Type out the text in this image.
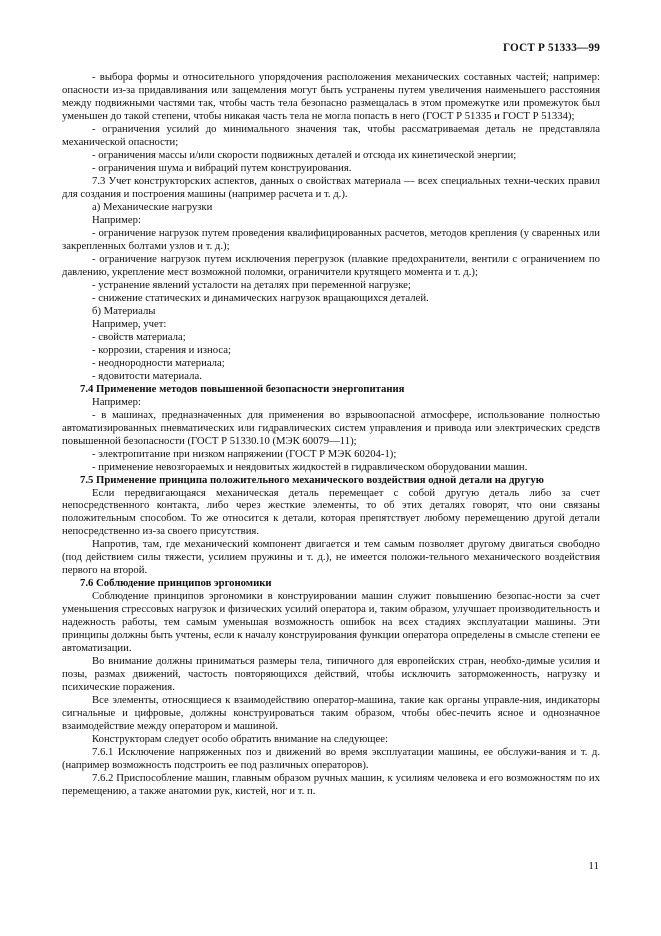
ГОСТ Р 51333—99

- выбора формы и относительного упорядочения расположения механических составных частей; например: опасности из-за придавливания или защемления могут быть устранены путем увеличения наименьшего расстояния между подвижными частями так, чтобы часть тела безопасно размещалась в этом промежутке или промежуток был уменьшен до такой степени, чтобы никакая часть тела не могла попасть в него (ГОСТ Р 51335 и ГОСТ Р 51334);

- ограничения усилий до минимального значения так, чтобы рассматриваемая деталь не представляла механической опасности;

- ограничения массы и/или скорости подвижных деталей и отсюда их кинетической энергии;

- ограничения шума и вибраций путем конструирования.

7.3 Учет конструкторских аспектов, данных о свойствах материала — всех специальных техни-ческих правил для создания и построения машины (например расчета и т. д.).

а) Механические нагрузки

Например:

- ограничение нагрузок путем проведения квалифицированных расчетов, методов крепления (у сваренных или закрепленных болтами узлов и т. д.);

- ограничение нагрузок путем исключения перегрузок (плавкие предохранители, вентили с ограничением по давлению, укрепление мест возможной поломки, ограничители крутящего момента и т. д.);

- устранение явлений усталости на деталях при переменной нагрузке;

- снижение статических и динамических нагрузок вращающихся деталей.

б) Материалы

Например, учет:

- свойств материала;

- коррозии, старения и износа;

- неоднородности материала;

- ядовитости материала.

7.4 Применение методов повышенной безопасности энергопитания

Например:

- в машинах, предназначенных для применения во взрывоопасной атмосфере, использование полностью автоматизированных пневматических или гидравлических систем управления и привода или электрических средств повышенной безопасности (ГОСТ Р 51330.10 (МЭК 60079—11);

- электропитание при низком напряжении (ГОСТ Р МЭК 60204-1);

- применение невозгораемых и неядовитых жидкостей в гидравлическом оборудовании машин.

7.5 Применение принципа положительного механического воздействия одной детали на другую

Если передвигающаяся механическая деталь перемещает с собой другую деталь либо за счет непосредственного контакта, либо через жесткие элементы, то об этих деталях говорят, что они связаны положительным способом. То же относится к детали, которая препятствует любому перемещению другой детали непосредственно из-за своего присутствия.

Напротив, там, где механический компонент двигается и тем самым позволяет другому двигаться свободно (под действием силы тяжести, усилием пружины и т. д.), не имеется положи-тельного механического воздействия первого на второй.

7.6 Соблюдение принципов эргономики

Соблюдение принципов эргономики в конструировании машин служит повышению безопас-ности за счет уменьшения стрессовых нагрузок и физических усилий оператора и, таким образом, улучшает производительность и надежность работы, тем самым уменьшая возможность ошибок на всех стадиях эксплуатации машины. Эти принципы должны быть учтены, если к началу конструирования функции оператора определены в смысле степени ее автоматизации.

Во внимание должны приниматься размеры тела, типичного для европейских стран, необхо-димые усилия и позы, размах движений, частость повторяющихся действий, чтобы исключить заторможенность, нагрузку и психические поражения.

Все элементы, относящиеся к взаимодействию оператор-машина, такие как органы управле-ния, индикаторы сигнальные и цифровые, должны конструироваться таким образом, чтобы обес-печить ясное и однозначное взаимодействие между оператором и машиной.

Конструкторам следует особо обратить внимание на следующее:

7.6.1 Исключение напряженных поз и движений во время эксплуатации машины, ее обслужи-вания и т. д. (например возможность подстроить ее под различных операторов).

7.6.2 Приспособление машин, главным образом ручных машин, к усилиям человека и его возможностям по их перемещению, а также анатомии рук, кистей, ног и т. п.

11
